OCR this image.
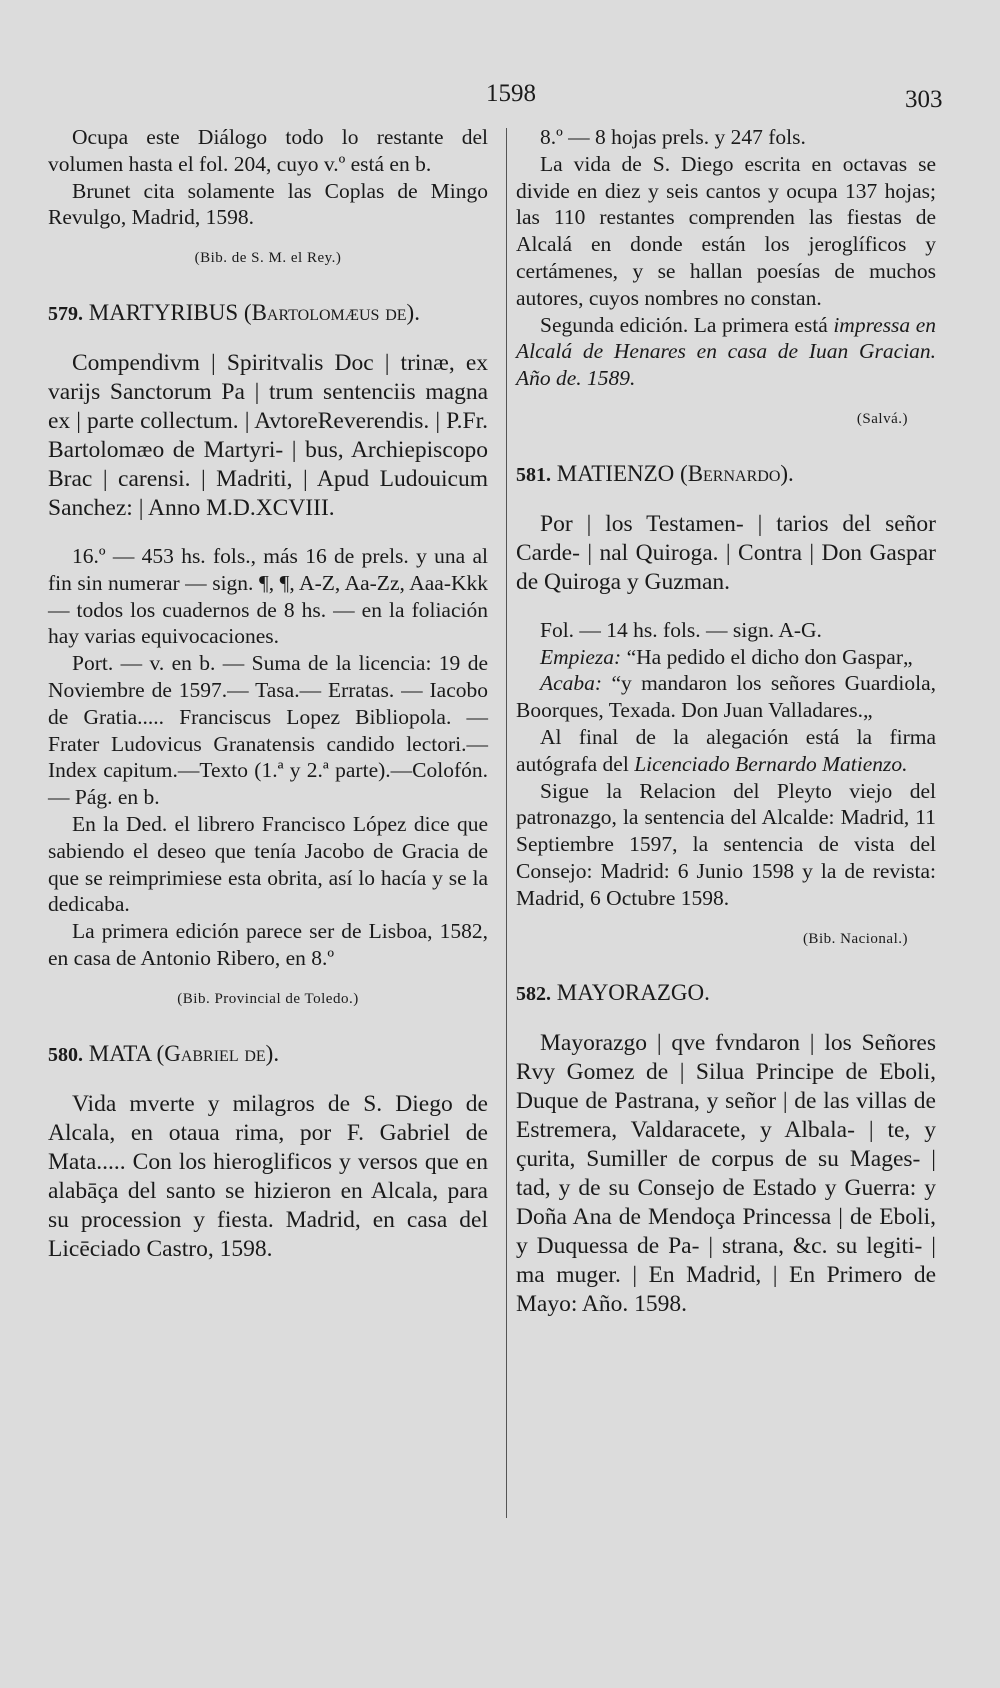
1598	303

Ocupa este Diálogo todo lo restante del volumen hasta el fol. 204, cuyo v.º está en b.

Brunet cita solamente las Coplas de Mingo Revulgo, Madrid, 1598.

(Bib. de S. M. el Rey.)

579. MARTYRIBUS (Bartolomæus de).

Compendivm | Spiritvalis Doc | trinæ, ex varijs Sanctorum Pa | trum sentenciis magna ex | parte collectum. | AvtoreReverendis. | P.Fr. Bartolomæo de Martyri- | bus, Archiepiscopo Brac | carensi. | Madriti, | Apud Ludouicum Sanchez: | Anno M.D.XCVIII.

16.º — 453 hs. fols., más 16 de prels. y una al fin sin numerar — sign. ¶, ¶, A-Z, Aa-Zz, Aaa-Kkk — todos los cuadernos de 8 hs. — en la foliación hay varias equivocaciones.

Port. — v. en b. — Suma de la licencia: 19 de Noviembre de 1597.— Tasa.— Erratas. — Iacobo de Gratia..... Franciscus Lopez Bibliopola. — Frater Ludovicus Granatensis candido lectori.—Index capitum.—Texto (1.ª y 2.ª parte).—Colofón. — Pág. en b.

En la Ded. el librero Francisco López dice que sabiendo el deseo que tenía Jacobo de Gracia de que se reimprimiese esta obrita, así lo hacía y se la dedicaba.

La primera edición parece ser de Lisboa, 1582, en casa de Antonio Ribero, en 8.º

(Bib. Provincial de Toledo.)

580. MATA (Gabriel de).

Vida mverte y milagros de S. Diego de Alcala, en otaua rima, por F. Gabriel de Mata..... Con los hieroglificos y versos que en alabāça del santo se hizieron en Alcala, para su procession y fiesta. Madrid, en casa del Licēciado Castro, 1598.

8.º — 8 hojas prels. y 247 fols.

La vida de S. Diego escrita en octavas se divide en diez y seis cantos y ocupa 137 hojas; las 110 restantes comprenden las fiestas de Alcalá en donde están los jeroglíficos y certámenes, y se hallan poesías de muchos autores, cuyos nombres no constan.

Segunda edición. La primera está impressa en Alcalá de Henares en casa de Iuan Gracian. Año de. 1589.

(Salvá.)

581. MATIENZO (Bernardo).

Por | los Testamen- | tarios del señor Carde- | nal Quiroga. | Contra | Don Gaspar de Quiroga y Guzman.

Fol. — 14 hs. fols. — sign. A-G.

Empieza: “Ha pedido el dicho don Gaspar„

Acaba: “y mandaron los señores Guardiola, Boorques, Texada. Don Juan Valladares.„

Al final de la alegación está la firma autógrafa del Licenciado Bernardo Matienzo.

Sigue la Relacion del Pleyto viejo del patronazgo, la sentencia del Alcalde: Madrid, 11 Septiembre 1597, la sentencia de vista del Consejo: Madrid: 6 Junio 1598 y la de revista: Madrid, 6 Octubre 1598.

(Bib. Nacional.)

582. MAYORAZGO.

Mayorazgo | qve fvndaron | los Señores Rvy Gomez de | Silua Principe de Eboli, Duque de Pastrana, y señor | de las villas de Estremera, Valdaracete, y Albala- | te, y çurita, Sumiller de corpus de su Mages- | tad, y de su Consejo de Estado y Guerra: y Doña Ana de Mendoça Princessa | de Eboli, y Duquessa de Pa- | strana, &c. su legiti- | ma muger. | En Madrid, | En Primero de Mayo: Año. 1598.
